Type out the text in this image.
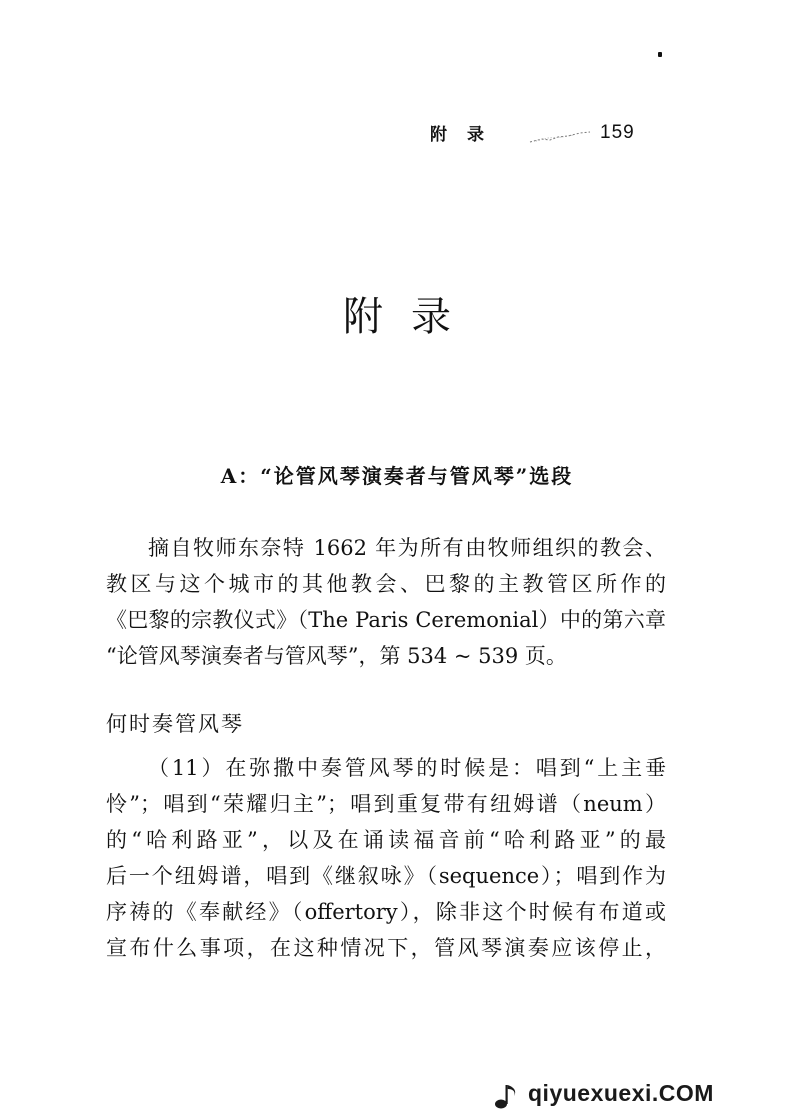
附录	159
附录
A：“论管风琴演奏者与管风琴”选段
摘自牧师东奈特 1662 年为所有由牧师组织的教会、
教区与这个城市的其他教会、巴黎的主教管区所作的
《巴黎的宗教仪式》（The Paris Ceremonial）中的第六章
“论管风琴演奏者与管风琴”，第 534 ~ 539 页。
何时奏管风琴
（11）在弥撒中奏管风琴的时候是：唱到“上主垂
怜”；唱到“荣耀归主”；唱到重复带有纽姆谱（neum）
的“哈利路亚”，以及在诵读福音前“哈利路亚”的最
后一个纽姆谱，唱到《继叙咏》（sequence）；唱到作为
序祷的《奉献经》（offertory），除非这个时候有布道或
宣布什么事项，在这种情况下，管风琴演奏应该停止，
qiyuexuexi.COM
